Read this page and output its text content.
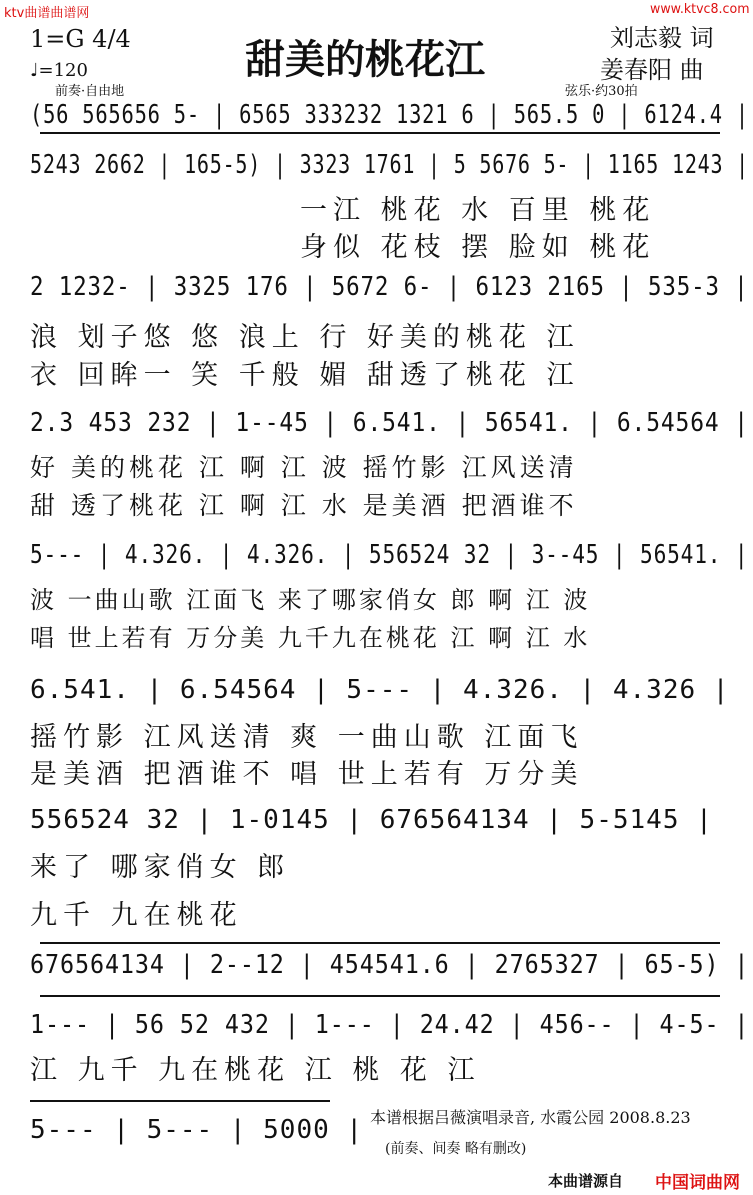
ktv曲谱曲谱网	www.ktvc8.com
甜美的桃花江	刘志毅 词
姜春阳 曲
1=G 4/4
♩=120
前奏·自由地	弦乐·约30拍
(56 565656 5- | 6565 333232 1321 6 | 565.5 0 | 6124.4 |
5243 2662 | 165-5) | 3323 1761 | 5 5676 5- | 1165 1243 |
一江 桃花 水 百里 桃花
身似 花枝 摆 脸如 桃花
2 1232- | 3325 176 | 5672 6- | 6123 2165 | 535-3 |
浪 划子悠 悠 浪上 行 好美的桃花 江
衣 回眸一 笑 千般 媚 甜透了桃花 江
2.3 453 232 | 1--45 | 6.541. | 56541. | 6.54564 |
好 美的桃花 江 啊 江 波 摇竹影 江风送清
甜 透了桃花 江 啊 江 水 是美酒 把酒谁不
5--- | 4.326. | 4.326. | 556524 32 | 3--45 | 56541. |
波 一曲山歌 江面飞 来了哪家俏女 郎 啊 江 波
唱 世上若有 万分美 九千九在桃花 江 啊 江 水
6.541. | 6.54564 | 5--- | 4.326. | 4.326 |
摇竹影 江风送清 爽 一曲山歌 江面飞
是美酒 把酒谁不 唱 世上若有 万分美
556524 32 | 1-0145 | 676564134 | 5-5145 |
来了 哪家俏女 郎
九千 九在桃花
676564134 | 2--12 | 454541.6 | 2765327 | 65-5) |
1--- | 56 52 432 | 1--- | 24.42 | 456-- | 4-5- |
江 九千 九在桃花 江 桃 花 江
5--- | 5--- | 5000 | 本谱根据吕薇演唱录音, 水霞公园 2008.8.23
(前奏、间奏 略有删改)
本曲谱源自 中国词曲网
